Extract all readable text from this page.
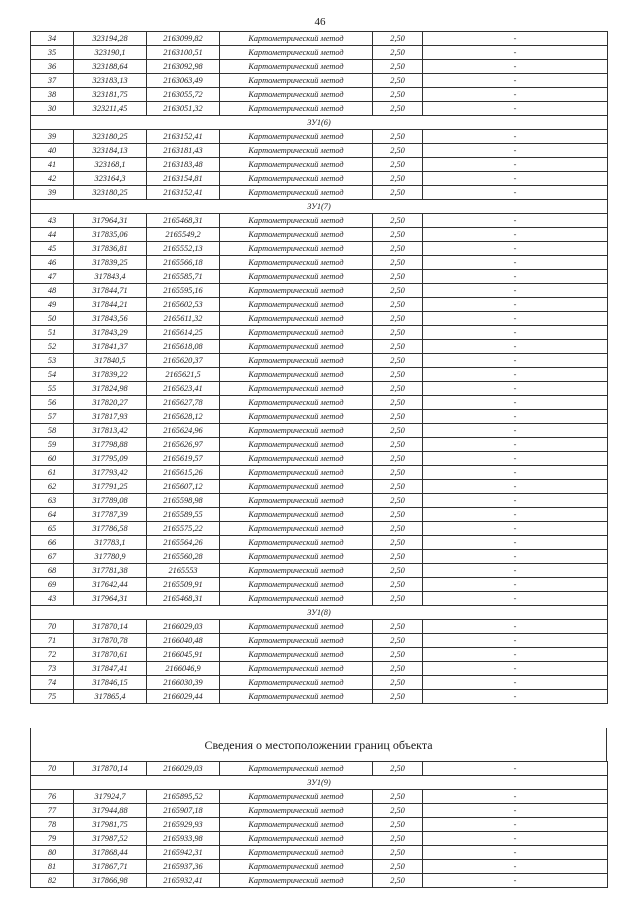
46
34	323194,28	2163099,82	Картометрический метод	2,50	-
35	323190,1	2163100,51	Картометрический метод	2,50	-
36	323188,64	2163092,98	Картометрический метод	2,50	-
37	323183,13	2163063,49	Картометрический метод	2,50	-
38	323181,75	2163055,72	Картометрический метод	2,50	-
30	323211,45	2163051,32	Картометрический метод	2,50	-
ЗУ1(6)					
39	323180,25	2163152,41	Картометрический метод	2,50	-
40	323184,13	2163181,43	Картометрический метод	2,50	-
41	323168,1	2163183,48	Картометрический метод	2,50	-
42	323164,3	2163154,81	Картометрический метод	2,50	-
39	323180,25	2163152,41	Картометрический метод	2,50	-
ЗУ1(7)					
43	317964,31	2165468,31	Картометрический метод	2,50	-
44	317835,06	2165549,2	Картометрический метод	2,50	-
45	317836,81	2165552,13	Картометрический метод	2,50	-
46	317839,25	2165566,18	Картометрический метод	2,50	-
47	317843,4	2165585,71	Картометрический метод	2,50	-
48	317844,71	2165595,16	Картометрический метод	2,50	-
49	317844,21	2165602,53	Картометрический метод	2,50	-
50	317843,56	2165611,32	Картометрический метод	2,50	-
51	317843,29	2165614,25	Картометрический метод	2,50	-
52	317841,37	2165618,08	Картометрический метод	2,50	-
53	317840,5	2165620,37	Картометрический метод	2,50	-
54	317839,22	2165621,5	Картометрический метод	2,50	-
55	317824,98	2165623,41	Картометрический метод	2,50	-
56	317820,27	2165627,78	Картометрический метод	2,50	-
57	317817,93	2165628,12	Картометрический метод	2,50	-
58	317813,42	2165624,96	Картометрический метод	2,50	-
59	317798,88	2165626,97	Картометрический метод	2,50	-
60	317795,09	2165619,57	Картометрический метод	2,50	-
61	317793,42	2165615,26	Картометрический метод	2,50	-
62	317791,25	2165607,12	Картометрический метод	2,50	-
63	317789,08	2165598,98	Картометрический метод	2,50	-
64	317787,39	2165589,55	Картометрический метод	2,50	-
65	317786,58	2165575,22	Картометрический метод	2,50	-
66	317783,1	2165564,26	Картометрический метод	2,50	-
67	317780,9	2165560,28	Картометрический метод	2,50	-
68	317781,38	2165553	Картометрический метод	2,50	-
69	317642,44	2165509,91	Картометрический метод	2,50	-
43	317964,31	2165468,31	Картометрический метод	2,50	-
ЗУ1(8)					
70	317870,14	2166029,03	Картометрический метод	2,50	-
71	317870,78	2166040,48	Картометрический метод	2,50	-
72	317870,61	2166045,91	Картометрический метод	2,50	-
73	317847,41	2166046,9	Картометрический метод	2,50	-
74	317846,15	2166030,39	Картометрический метод	2,50	-
75	317865,4	2166029,44	Картометрический метод	2,50	-
Сведения о местоположении границ объекта
70	317870,14	2166029,03	Картометрический метод	2,50	-
ЗУ1(9)					
76	317924,7	2165895,52	Картометрический метод	2,50	-
77	317944,88	2165907,18	Картометрический метод	2,50	-
78	317981,75	2165929,93	Картометрический метод	2,50	-
79	317987,52	2165933,98	Картометрический метод	2,50	-
80	317868,44	2165942,31	Картометрический метод	2,50	-
81	317867,71	2165937,36	Картометрический метод	2,50	-
82	317866,98	2165932,41	Картометрический метод	2,50	-
